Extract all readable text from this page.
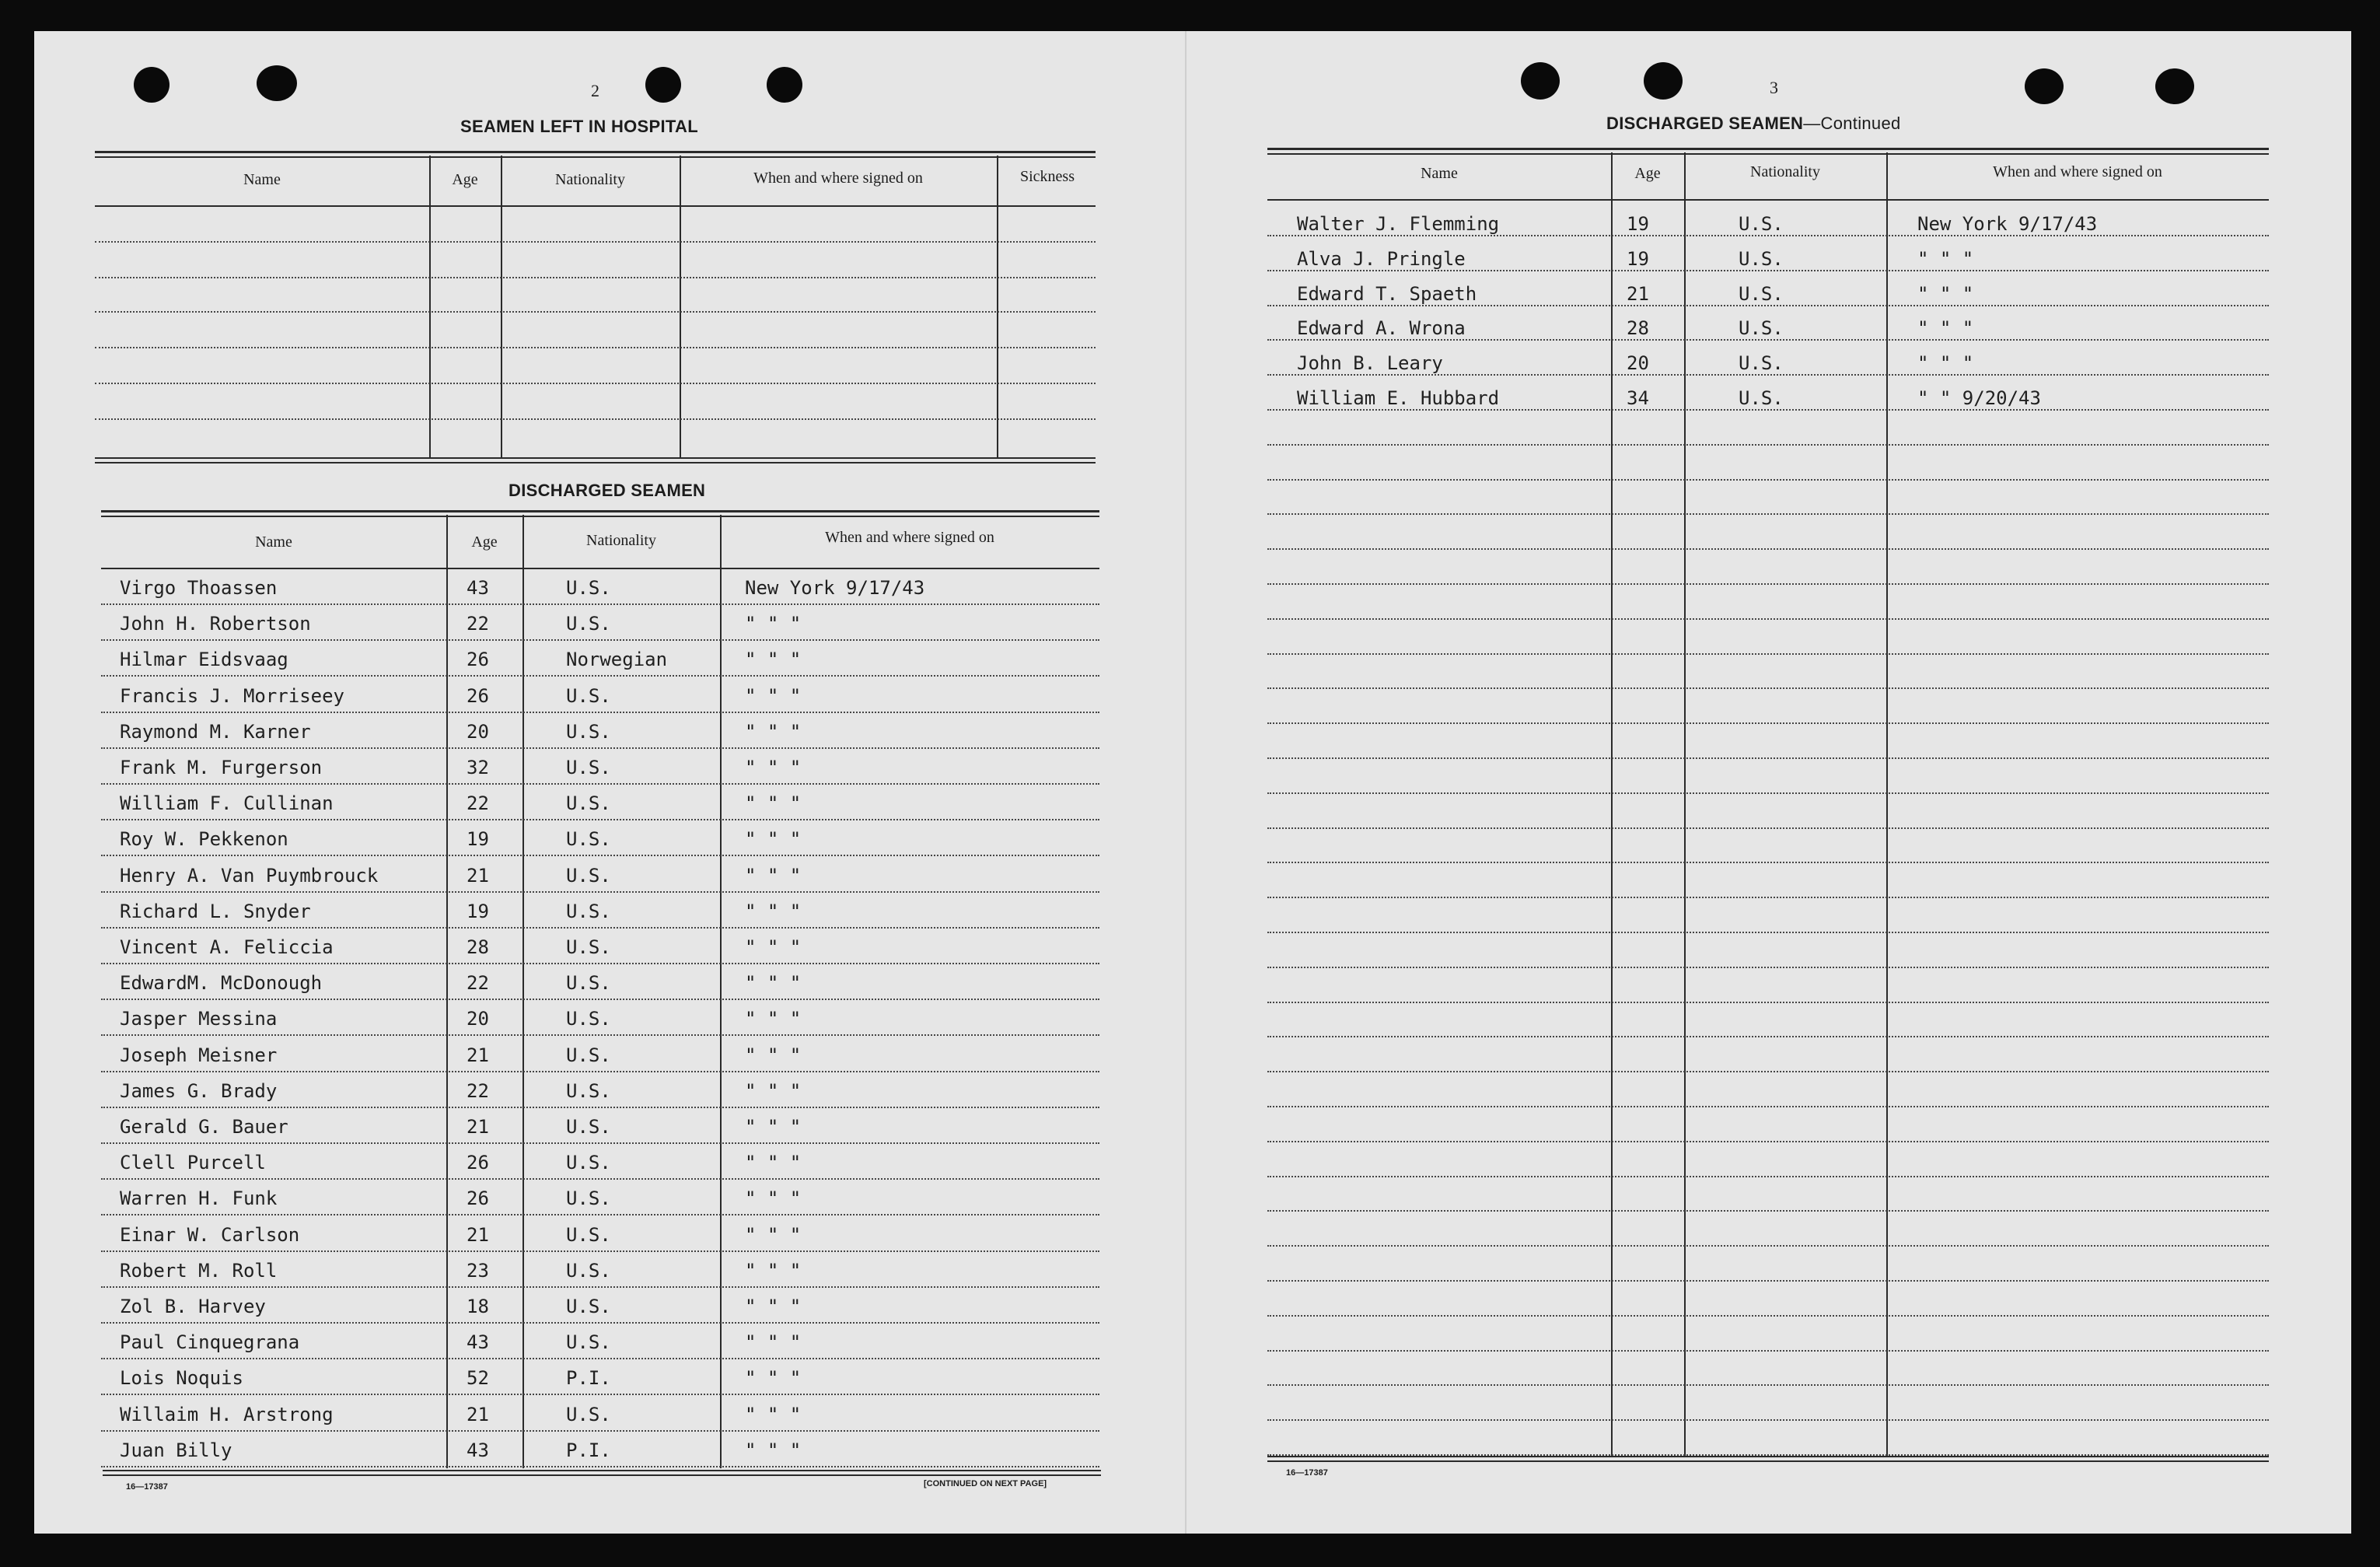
2
SEAMEN LEFT IN HOSPITAL
Name	Age	Nationality	When and where signed on	Sickness
DISCHARGED SEAMEN
Name	Age	Nationality	When and where signed on
Virgo Thoassen	43	U.S.	New York 9/17/43
John H. Robertson	22	U.S.	" " "
Hilmar Eidsvaag	26	Norwegian	" " "
Francis J. Morriseey	26	U.S.	" " "
Raymond M. Karner	20	U.S.	" " "
Frank M. Furgerson	32	U.S.	" " "
William F. Cullinan	22	U.S.	" " "
Roy W. Pekkenon	19	U.S.	" " "
Henry A. Van Puymbrouck	21	U.S.	" " "
Richard L. Snyder	19	U.S.	" " "
Vincent A. Feliccia	28	U.S.	" " "
EdwardM. McDonough	22	U.S.	" " "
Jasper Messina	20	U.S.	" " "
Joseph Meisner	21	U.S.	" " "
James G. Brady	22	U.S.	" " "
Gerald G. Bauer	21	U.S.	" " "
Clell Purcell	26	U.S.	" " "
Warren H. Funk	26	U.S.	" " "
Einar W. Carlson	21	U.S.	" " "
Robert M. Roll	23	U.S.	" " "
Zol B. Harvey	18	U.S.	" " "
Paul Cinquegrana	43	U.S.	" " "
Lois Noquis	52	P.I.	" " "
Willaim H. Arstrong	21	U.S.	" " "
Juan Billy	43	P.I.	" " "
16—17387	[CONTINUED ON NEXT PAGE]
3
DISCHARGED SEAMEN—Continued
Name	Age	Nationality	When and where signed on
Walter J. Flemming	19	U.S.	New York 9/17/43
Alva J. Pringle	19	U.S.	" " "
Edward T. Spaeth	21	U.S.	" " "
Edward A. Wrona	28	U.S.	" " "
John B. Leary	20	U.S.	" " "
William E. Hubbard	34	U.S.	" " 9/20/43
16—17387
